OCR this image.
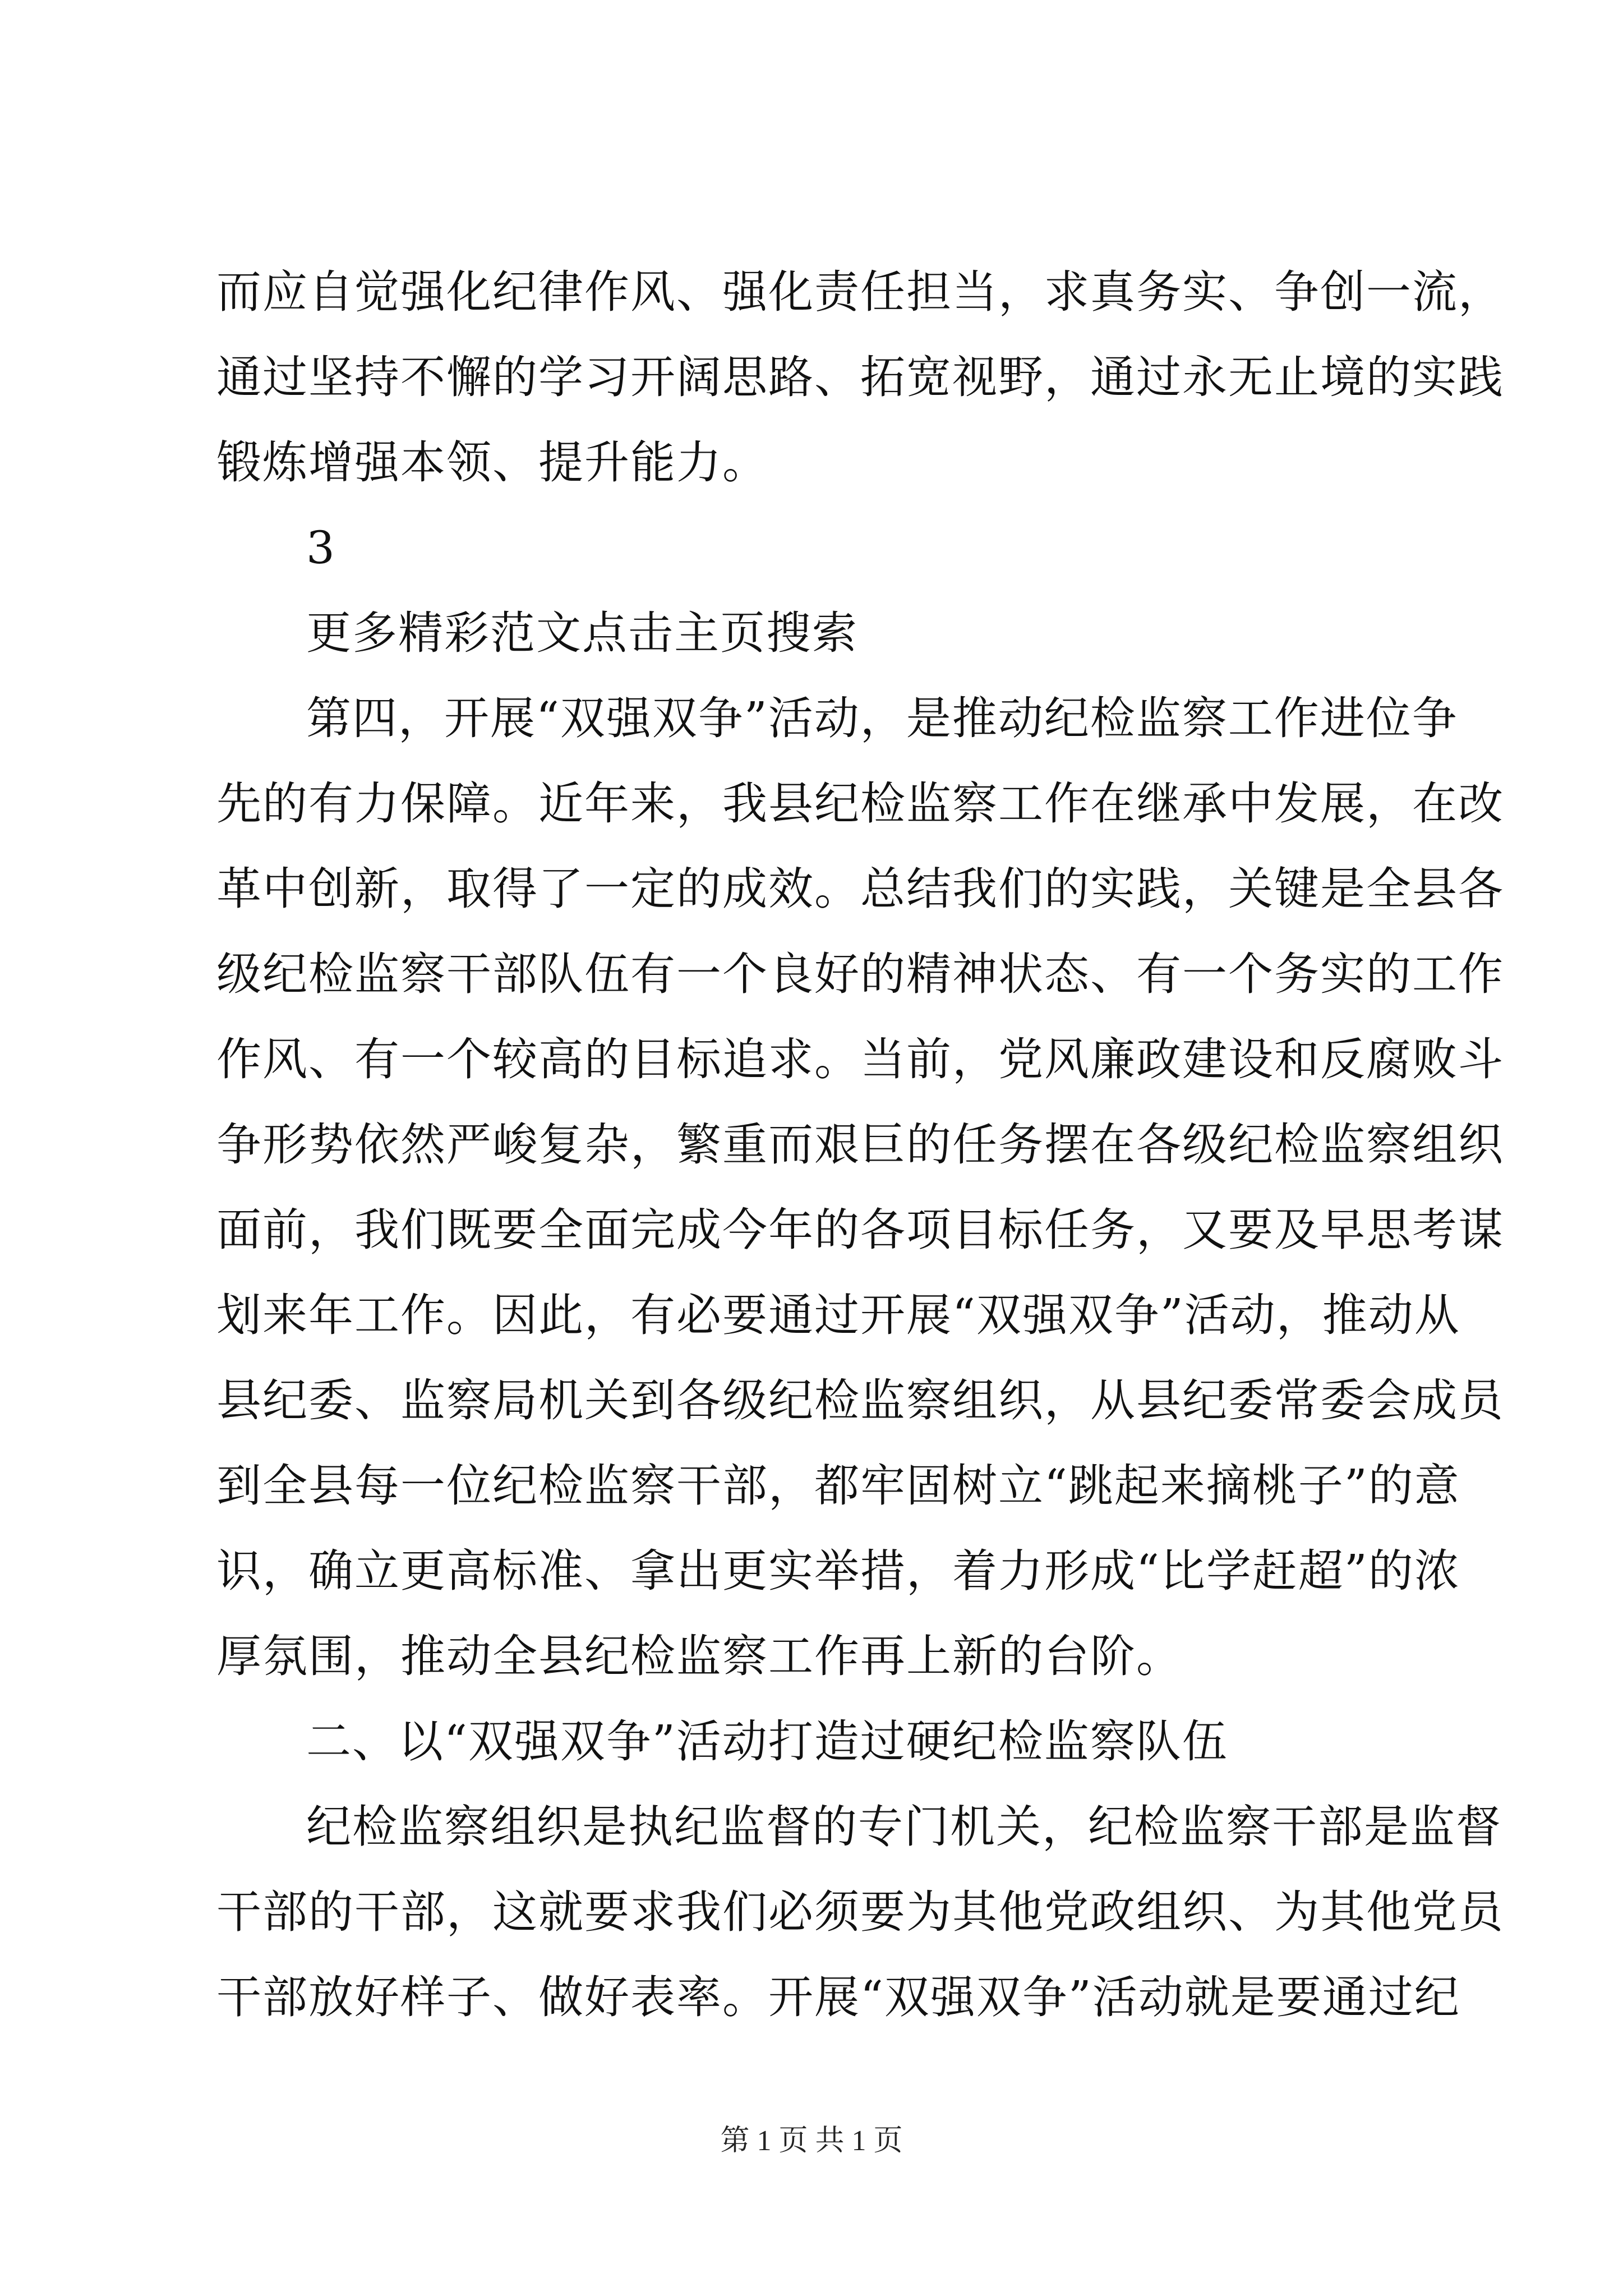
而应自觉强化纪律作风、强化责任担当，求真务实、争创一流，
通过坚持不懈的学习开阔思路、拓宽视野，通过永无止境的实践
锻炼增强本领、提升能力。
3
更多精彩范文点击主页搜索
第四，开展“双强双争”活动，是推动纪检监察工作进位争
先的有力保障。近年来，我县纪检监察工作在继承中发展，在改
革中创新，取得了一定的成效。总结我们的实践，关键是全县各
级纪检监察干部队伍有一个良好的精神状态、有一个务实的工作
作风、有一个较高的目标追求。当前，党风廉政建设和反腐败斗
争形势依然严峻复杂，繁重而艰巨的任务摆在各级纪检监察组织
面前，我们既要全面完成今年的各项目标任务，又要及早思考谋
划来年工作。因此，有必要通过开展“双强双争”活动，推动从
县纪委、监察局机关到各级纪检监察组织，从县纪委常委会成员
到全县每一位纪检监察干部，都牢固树立“跳起来摘桃子”的意
识，确立更高标准、拿出更实举措，着力形成“比学赶超”的浓
厚氛围，推动全县纪检监察工作再上新的台阶。
二、以“双强双争”活动打造过硬纪检监察队伍
纪检监察组织是执纪监督的专门机关，纪检监察干部是监督
干部的干部，这就要求我们必须要为其他党政组织、为其他党员
干部放好样子、做好表率。开展“双强双争”活动就是要通过纪
第 1 页 共 1 页
